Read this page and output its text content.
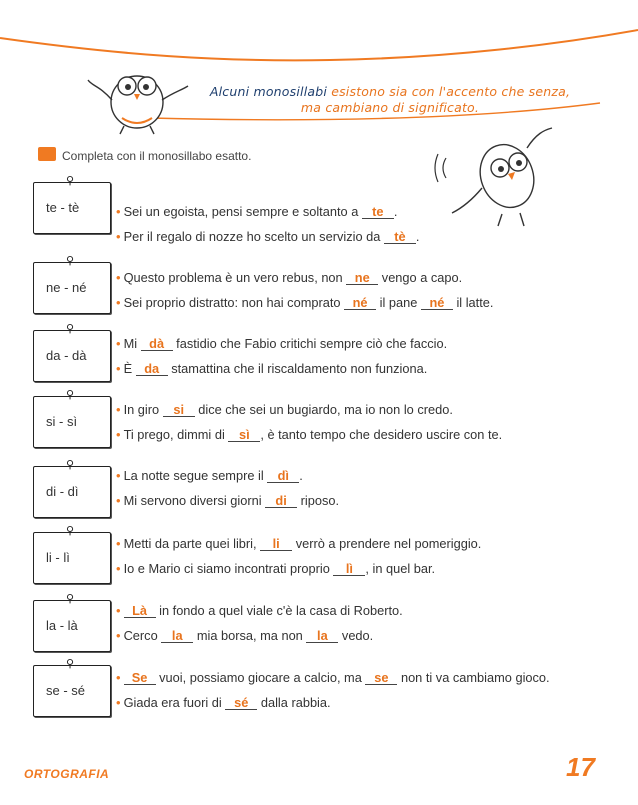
Alcuni monosillabi esistono sia con l'accento che senza,
ma cambiano di significato.
Completa con il monosillabo esatto.
⚲
te - tè	• Sei un egoista, pensi sempre e soltanto a te .
• Per il regalo di nozze ho scelto un servizio da tè .
⚲
ne - né
• Questo problema è un vero rebus, non ne vengo a capo.
• Sei proprio distratto: non hai comprato né il pane né il latte.
⚲
da - dà
• Mi dà fastidio che Fabio critichi sempre ciò che faccio.
• È da stamattina che il riscaldamento non funziona.
⚲
si - sì
• In giro si dice che sei un bugiardo, ma io non lo credo.
• Ti prego, dimmi di sì , è tanto tempo che desidero uscire con te.
⚲
di - dì
• La notte segue sempre il dì .
• Mi servono diversi giorni di riposo.
⚲
li - lì
• Metti da parte quei libri, li verrò a prendere nel pomeriggio.
• Io e Mario ci siamo incontrati proprio lì , in quel bar.
⚲
la - là
• Là in fondo a quel viale c'è la casa di Roberto.
• Cerco la mia borsa, ma non la vedo.
⚲
se - sé
• Se vuoi, possiamo giocare a calcio, ma se non ti va cambiamo gioco.
• Giada era fuori di sé dalla rabbia.
ORTOGRAFIA	17
